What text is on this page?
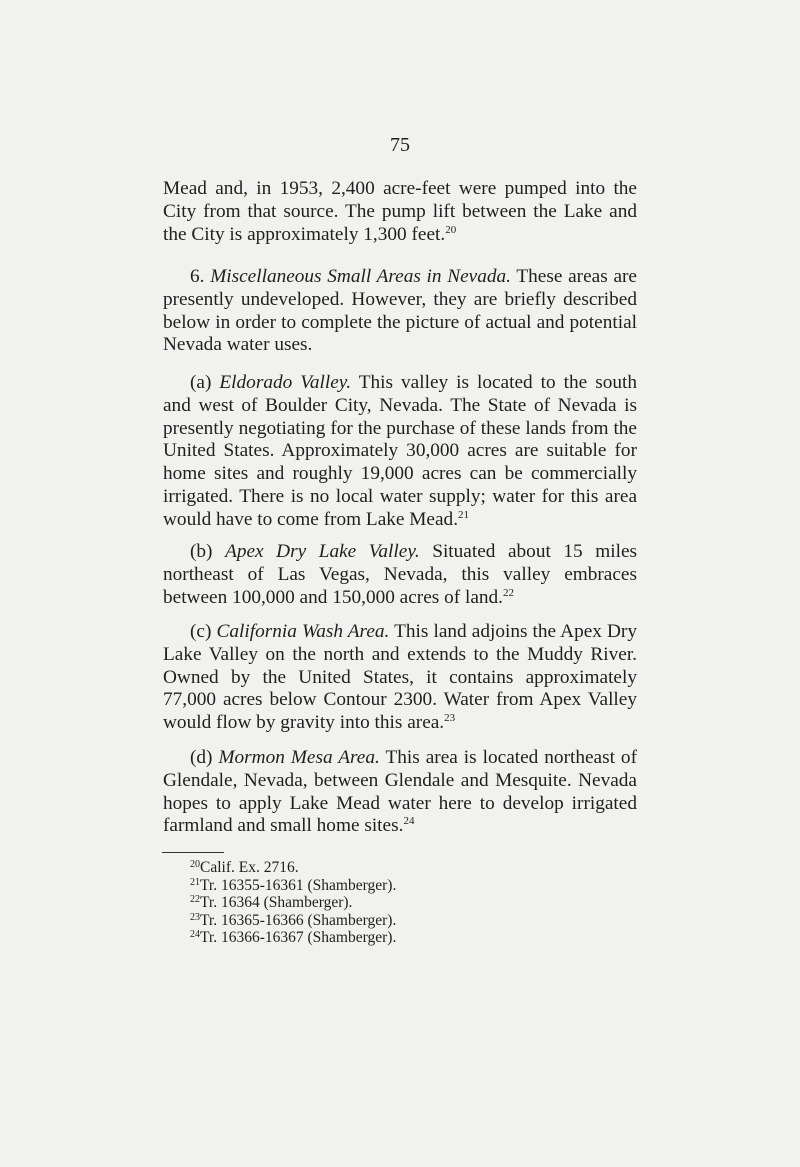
75

Mead and, in 1953, 2,400 acre-feet were pumped into the City from that source. The pump lift between the Lake and the City is approximately 1,300 feet.$^{20}$

6. Miscellaneous Small Areas in Nevada. These areas are presently undeveloped. However, they are briefly described below in order to complete the picture of actual and potential Nevada water uses.

(a) Eldorado Valley. This valley is located to the south and west of Boulder City, Nevada. The State of Nevada is presently negotiating for the purchase of these lands from the United States. Approximately 30,000 acres are suitable for home sites and roughly 19,000 acres can be commercially irrigated. There is no local water supply; water for this area would have to come from Lake Mead.$^{21}$

(b) Apex Dry Lake Valley. Situated about 15 miles northeast of Las Vegas, Nevada, this valley embraces between 100,000 and 150,000 acres of land.$^{22}$

(c) California Wash Area. This land adjoins the Apex Dry Lake Valley on the north and extends to the Muddy River. Owned by the United States, it contains approximately 77,000 acres below Contour 2300. Water from Apex Valley would flow by gravity into this area.$^{23}$

(d) Mormon Mesa Area. This area is located northeast of Glendale, Nevada, between Glendale and Mesquite. Nevada hopes to apply Lake Mead water here to develop irrigated farmland and small home sites.$^{24}$

$^{20}$Calif. Ex. 2716.
$^{21}$Tr. 16355-16361 (Shamberger).
$^{22}$Tr. 16364 (Shamberger).
$^{23}$Tr. 16365-16366 (Shamberger).
$^{24}$Tr. 16366-16367 (Shamberger).
